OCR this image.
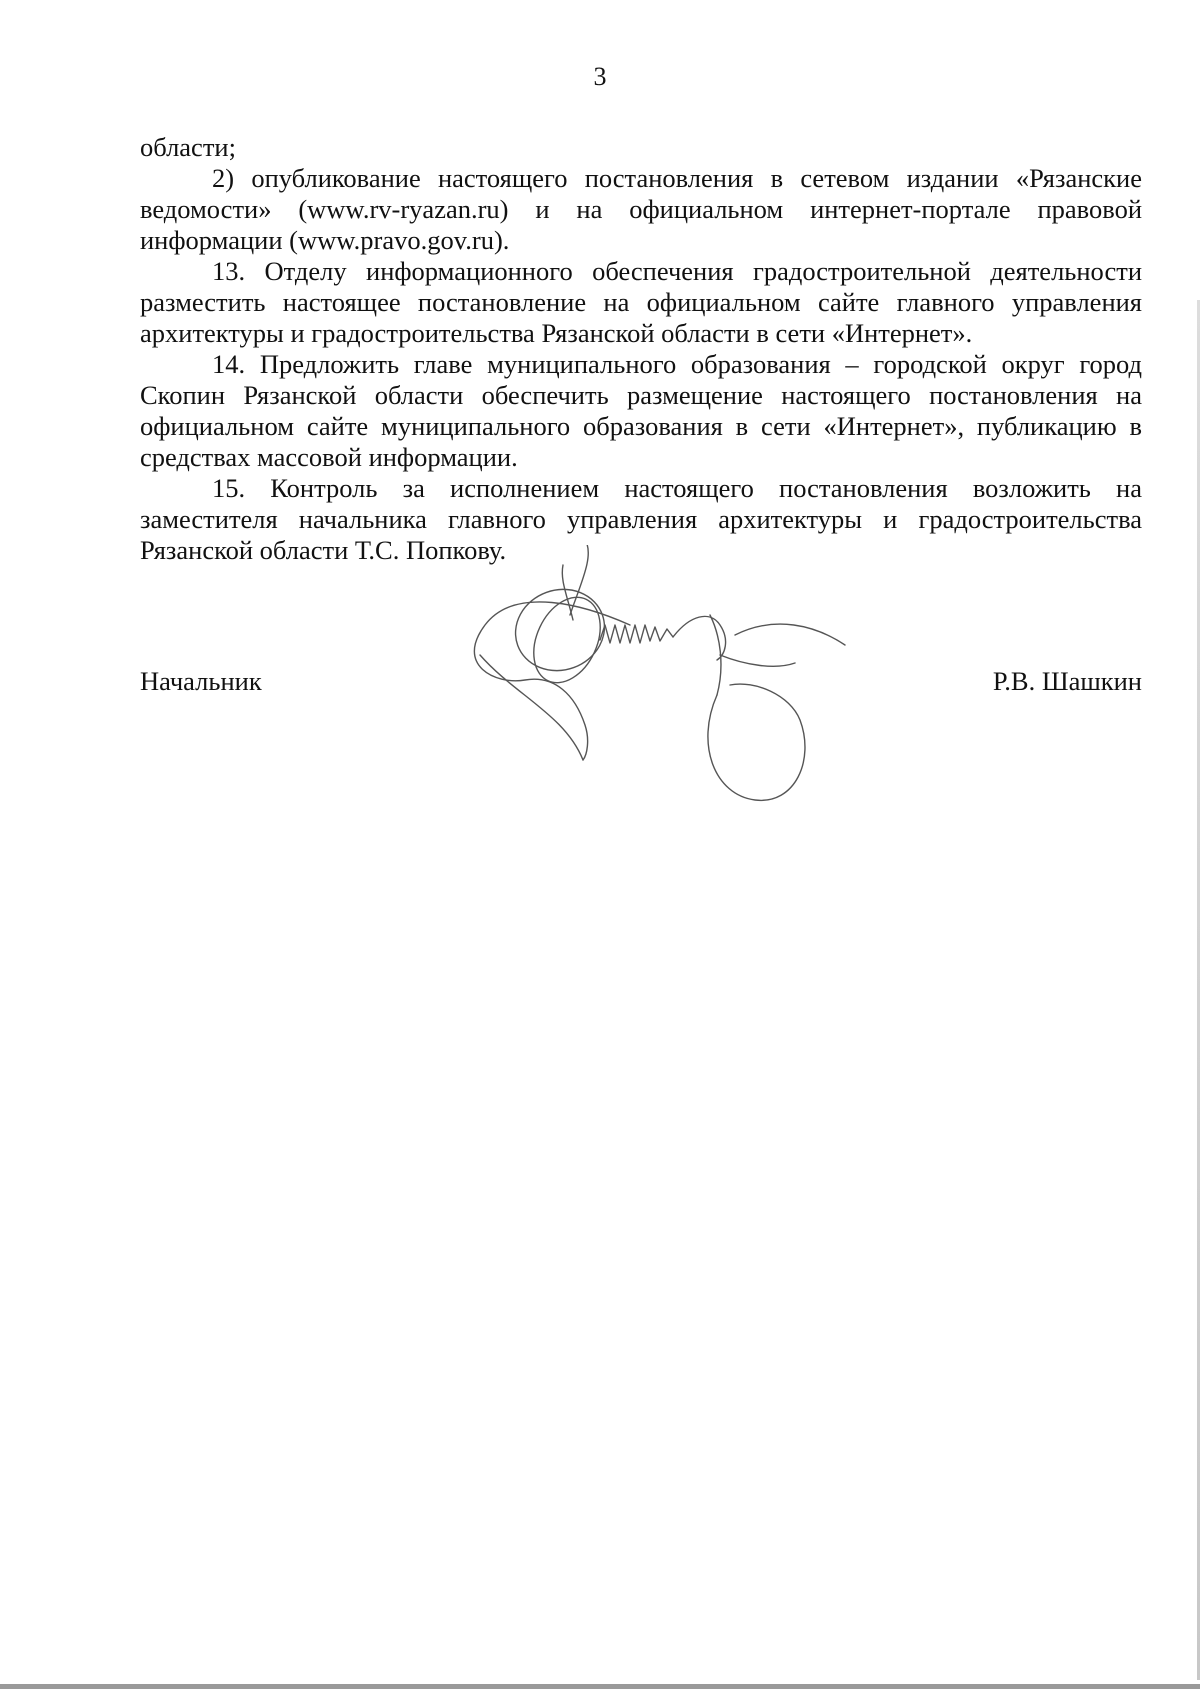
3

области;

2) опубликование настоящего постановления в сетевом издании «Рязанские ведомости» (www.rv-ryazan.ru) и на официальном интернет-портале правовой информации (www.pravo.gov.ru).

13. Отделу информационного обеспечения градостроительной деятельности разместить настоящее постановление на официальном сайте главного управления архитектуры и градостроительства Рязанской области в сети «Интернет».

14. Предложить главе муниципального образования – городской округ город Скопин Рязанской области обеспечить размещение настоящего постановления на официальном сайте муниципального образования в сети «Интернет», публикацию в средствах массовой информации.

15. Контроль за исполнением настоящего постановления возложить на заместителя начальника главного управления архитектуры и градостроительства Рязанской области Т.С. Попкову.

Начальник	Р.В. Шашкин
